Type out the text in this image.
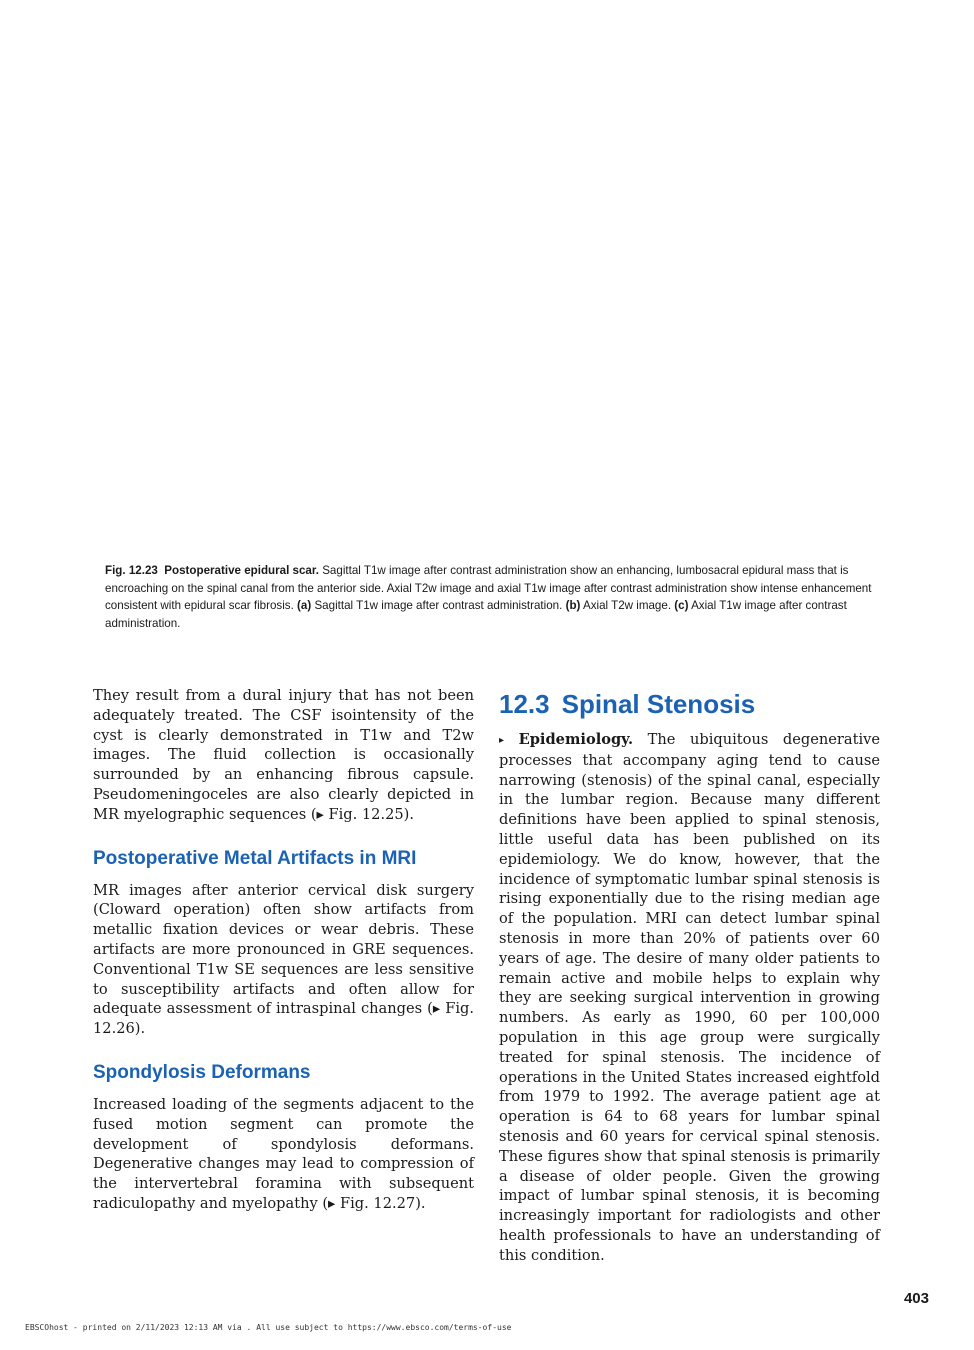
Fig. 12.23 Postoperative epidural scar. Sagittal T1w image after contrast administration show an enhancing, lumbosacral epidural mass that is encroaching on the spinal canal from the anterior side. Axial T2w image and axial T1w image after contrast administration show intense enhancement consistent with epidural scar fibrosis. (a) Sagittal T1w image after contrast administration. (b) Axial T2w image. (c) Axial T1w image after contrast administration.

They result from a dural injury that has not been adequately treated. The CSF isointensity of the cyst is clearly demonstrated in T1w and T2w images. The fluid collection is occasionally surrounded by an enhancing fibrous capsule. Pseudomeningoceles are also clearly depicted in MR myelographic sequences (▸ Fig. 12.25).

Postoperative Metal Artifacts in MRI

MR images after anterior cervical disk surgery (Cloward operation) often show artifacts from metallic fixation devices or wear debris. These artifacts are more pronounced in GRE sequences. Conventional T1w SE sequences are less sensitive to susceptibility artifacts and often allow for adequate assessment of intraspinal changes (▸ Fig. 12.26).

Spondylosis Deformans

Increased loading of the segments adjacent to the fused motion segment can promote the development of spondylosis deformans. Degenerative changes may lead to compression of the intervertebral foramina with subsequent radiculopathy and myelopathy (▸ Fig. 12.27).

12.3 Spinal Stenosis

▸ Epidemiology. The ubiquitous degenerative processes that accompany aging tend to cause narrowing (stenosis) of the spinal canal, especially in the lumbar region. Because many different definitions have been applied to spinal stenosis, little useful data has been published on its epidemiology. We do know, however, that the incidence of symptomatic lumbar spinal stenosis is rising exponentially due to the rising median age of the population. MRI can detect lumbar spinal stenosis in more than 20% of patients over 60 years of age. The desire of many older patients to remain active and mobile helps to explain why they are seeking surgical intervention in growing numbers. As early as 1990, 60 per 100,000 population in this age group were surgically treated for spinal stenosis. The incidence of operations in the United States increased eightfold from 1979 to 1992. The average patient age at operation is 64 to 68 years for lumbar spinal stenosis and 60 years for cervical spinal stenosis. These figures show that spinal stenosis is primarily a disease of older people. Given the growing impact of lumbar spinal stenosis, it is becoming increasingly important for radiologists and other health professionals to have an understanding of this condition.

403
EBSCOhost - printed on 2/11/2023 12:13 AM via . All use subject to https://www.ebsco.com/terms-of-use
